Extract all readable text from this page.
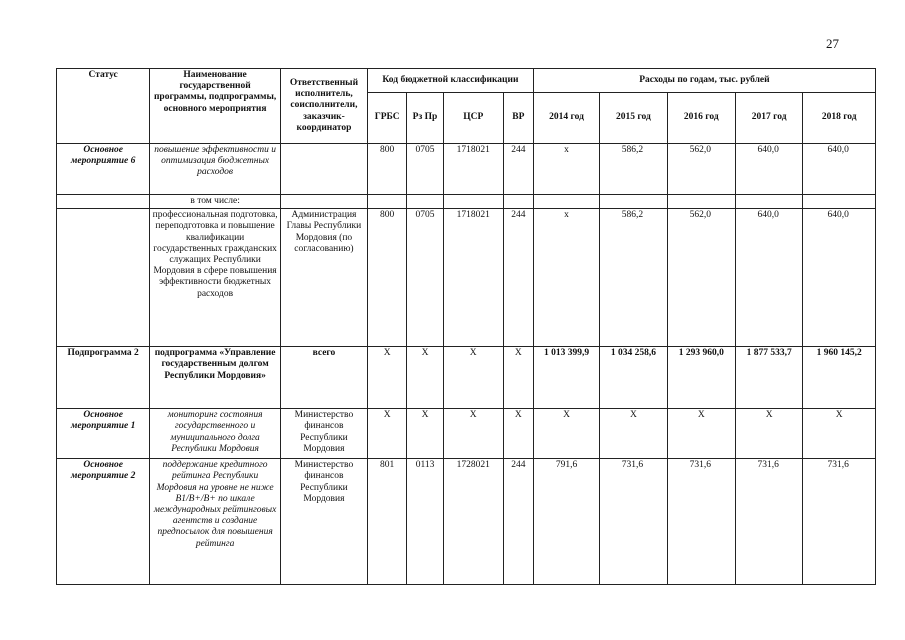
27
Статус	Наименование государственной программы, подпрограммы, основного мероприятия	Ответственный исполнитель, соисполнители, заказчик-координатор	Код бюджетной классификации				Расходы по годам, тыс. рублей				
			ГРБС	Рз Пр	ЦСР	ВР	2014 год	2015 год	2016 год	2017 год	2018 год
Основное мероприятие 6	повышение эффективности и оптимизация бюджетных расходов		800	0705	1718021	244	х	586,2	562,0	640,0	640,0
	в том числе:										
	профессиональная подготовка, переподготовка и повышение квалификации государственных гражданских служащих Республики Мордовия в сфере повышения эффективности бюджетных расходов	Администрация Главы Республики Мордовия (по согласованию)	800	0705	1718021	244	х	586,2	562,0	640,0	640,0
Подпрограмма 2	подпрограмма «Управление государственным долгом Республики Мордовия»	всего	Х	Х	Х	Х	1 013 399,9	1 034 258,6	1 293 960,0	1 877 533,7	1 960 145,2
Основное мероприятие 1	мониторинг состояния государственного и муниципального долга Республики Мордовия	Министерство финансов Республики Мордовия	Х	Х	Х	Х	Х	Х	Х	Х	Х
Основное мероприятие 2	поддержание кредитного рейтинга Республики Мордовия на уровне не ниже В1/В+/В+ по шкале международных рейтинговых агентств и создание предпосылок для повышения рейтинга	Министерство финансов Республики Мордовия	801	0113	1728021	244	791,6	731,6	731,6	731,6	731,6
